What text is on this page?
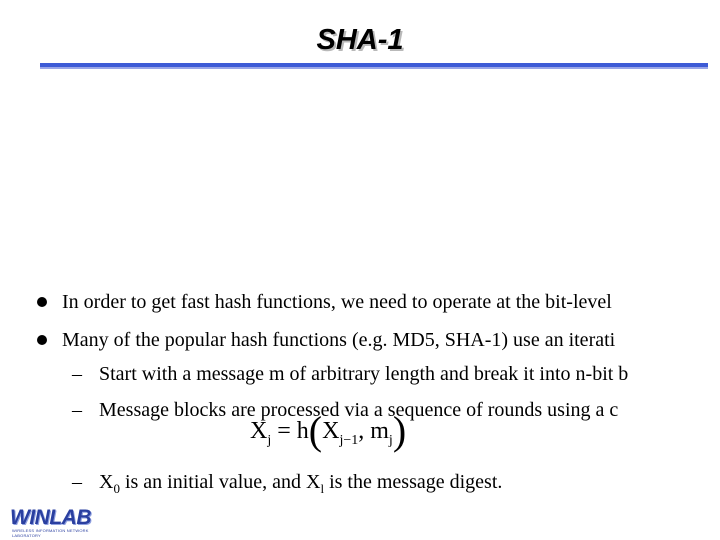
SHA-1
In order to get fast hash functions, we need to operate at the bit-level
Many of the popular hash functions (e.g. MD5, SHA-1) use an iterati
– Start with a message m of arbitrary length and break it into n-bit b
– Message blocks are processed via a sequence of rounds using a c
$X_j = h(X_{j-1}$, $m_j$)
– $X_0$ is an initial value, and $X_l$ is the message digest.
WINLAB
WIRELESS INFORMATION NETWORK LABORATORY
